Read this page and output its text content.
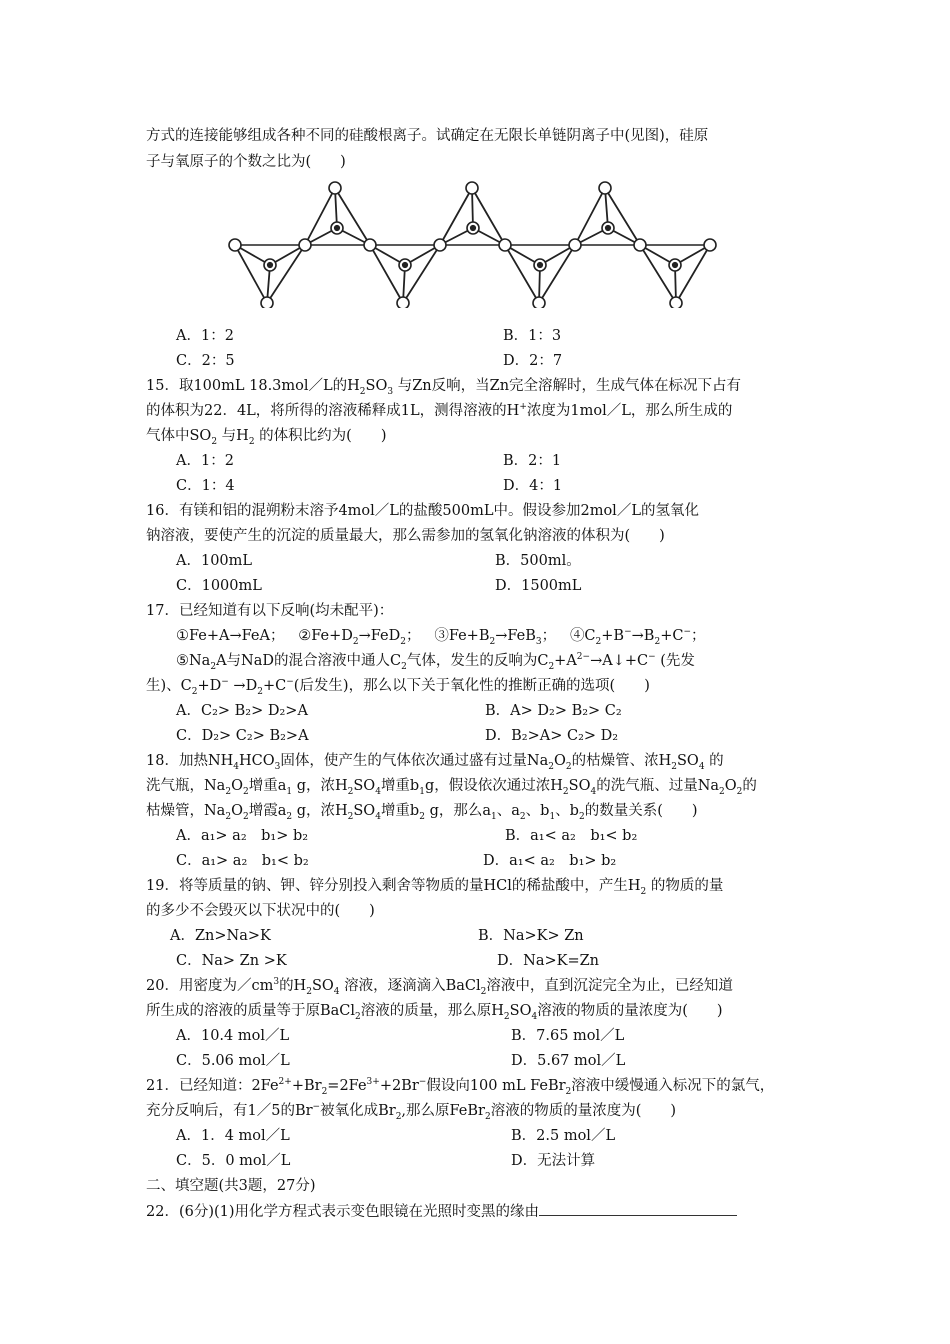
方式的连接能够组成各种不同的硅酸根离子。试确定在无限长单链阴离子中(见图)，硅原
子与氧原子的个数之比为(　　)
A．1：2	B．1：3
C．2：5	D．2：7
15．取100mL 18.3mol／L的$H_2SO_3$ 与Zn反响，当Zn完全溶解时，生成气体在标况下占有
的体积为22．4L，将所得的溶液稀释成1L，测得溶液的H+浓度为1mol／L，那么所生成的
气体中$SO_2$ 与$H_2$ 的体积比约为(　　)
A．1：2	B．2：1
C．1：4	D．4：1
16．有镁和铝的混朔粉末溶予4mol／L的盐酸500mL中。假设参加2mol／L的氢氧化
钠溶液，要使产生的沉淀的质量最大，那么需参加的氢氧化钠溶液的体积为(　　)
A．100mL	B．500ml。
C．1000mL	D．1500mL
17．已经知道有以下反响(均未配平)：
①Fe+A→FeA； $②Fe+D_2\to FeD_2$； $③Fe+B_2\to FeB_3$； $④C_2+B^-\to B_2+C^-$；
$⑤Na_2A$与NaD的混合溶液中通人$C_2$气体，发生的反响为$C_2+A^{2-}\to A↓+C^-$ (先发
生)、$C_2+D^- \to D_2+C^-$(后发生)，那么以下关于氧化性的推断正确的选项(　　)
A．C₂> B₂> D₂>A	B．A> D₂> B₂> C₂
C．D₂> C₂> B₂>A	D．B₂>A> C₂> D₂
18．加热$NH_4HCO_3$固体，使产生的气体依次通过盛有过量$Na_2O_2$的枯燥管、浓$H_2SO_4$ 的
洗气瓶，$Na_2O_2$增重$a_1$ g，浓$H_2SO_4$增重$b_1g$，假设依次通过浓$H_2SO_4$的洗气瓶、过量$Na_2O_2$的
枯燥管，$Na_2O_2$增霞$a_2$ g，浓$H_2SO_4$增重$b_2$ g，那么$a_1$、$a_2$、$b_1$、$b_2$的数量关系(　　)
A．a₁> a₂　b₁> b₂	B．a₁< a₂　b₁< b₂
C．a₁> a₂　b₁< b₂	D．a₁< a₂　b₁> b₂
19．将等质量的钠、钾、锌分别投入剩舍等物质的量HCl的稀盐酸中，产生$H_2$ 的物质的量
的多少不会毁灭以下状况中的(　　)
A．Zn>Na>K	B．Na>K> Zn
C．Na> Zn >K	D．Na>K=Zn
20．用密度为$/cm^3$的$H_2SO_4$ 溶液，逐滴滴入BaCl$_2$溶液中，直到沉淀完全为止，已经知道
所生成的溶液的质量等于原BaCl$_2$溶液的质量，那么原$H_2SO_4$溶液的物质的量浓度为(　　)
A．10.4 mol／L	B．7.65 mol／L
C．5.06 mol／L	D．5.67 mol／L
21．已经知道：$2Fe^{2+}+Br_2=2Fe^{3+}+2Br^-$假设向100 mL FeBr$_2$溶液中缓慢通入标况下的氯气，
充分反响后，有1／5的Br−被氧化成$Br_2$,那么原FeBr$_2$溶液的物质的量浓度为(　　)
A．1．4 mol／L	B．2.5 mol／L
C．5．0 mol／L	D．无法计算
二、填空题(共3题，27分)
22．(6分)(1)用化学方程式表示变色眼镜在光照时变黑的缘由
